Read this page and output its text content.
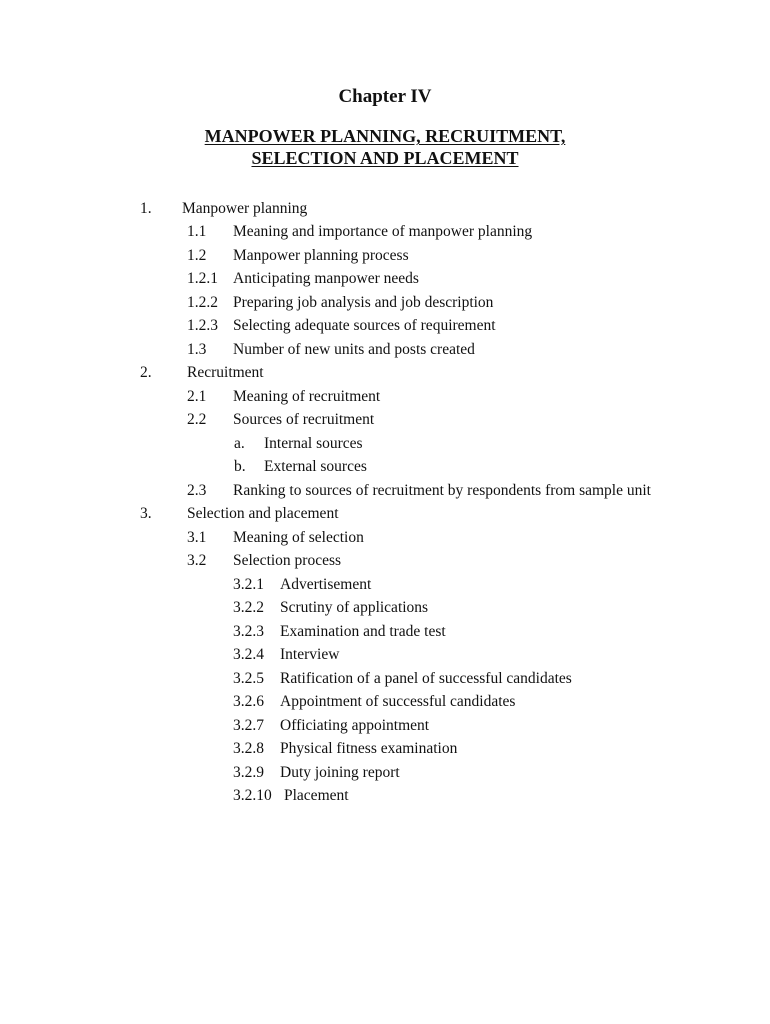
Chapter IV
MANPOWER PLANNING, RECRUITMENT,
SELECTION AND PLACEMENT
1. Manpower planning
1.1 Meaning and importance of manpower planning
1.2 Manpower planning process
1.2.1 Anticipating manpower needs
1.2.2 Preparing job analysis and job description
1.2.3 Selecting adequate sources of requirement
1.3 Number of new units and posts created
2. Recruitment
2.1 Meaning of recruitment
2.2 Sources of recruitment
a. Internal sources
b. External sources
2.3 Ranking to sources of recruitment by respondents from sample unit
3. Selection and placement
3.1 Meaning of selection
3.2 Selection process
3.2.1 Advertisement
3.2.2 Scrutiny of applications
3.2.3 Examination and trade test
3.2.4 Interview
3.2.5 Ratification of a panel of successful candidates
3.2.6 Appointment of successful candidates
3.2.7 Officiating appointment
3.2.8 Physical fitness examination
3.2.9 Duty joining report
3.2.10 Placement
